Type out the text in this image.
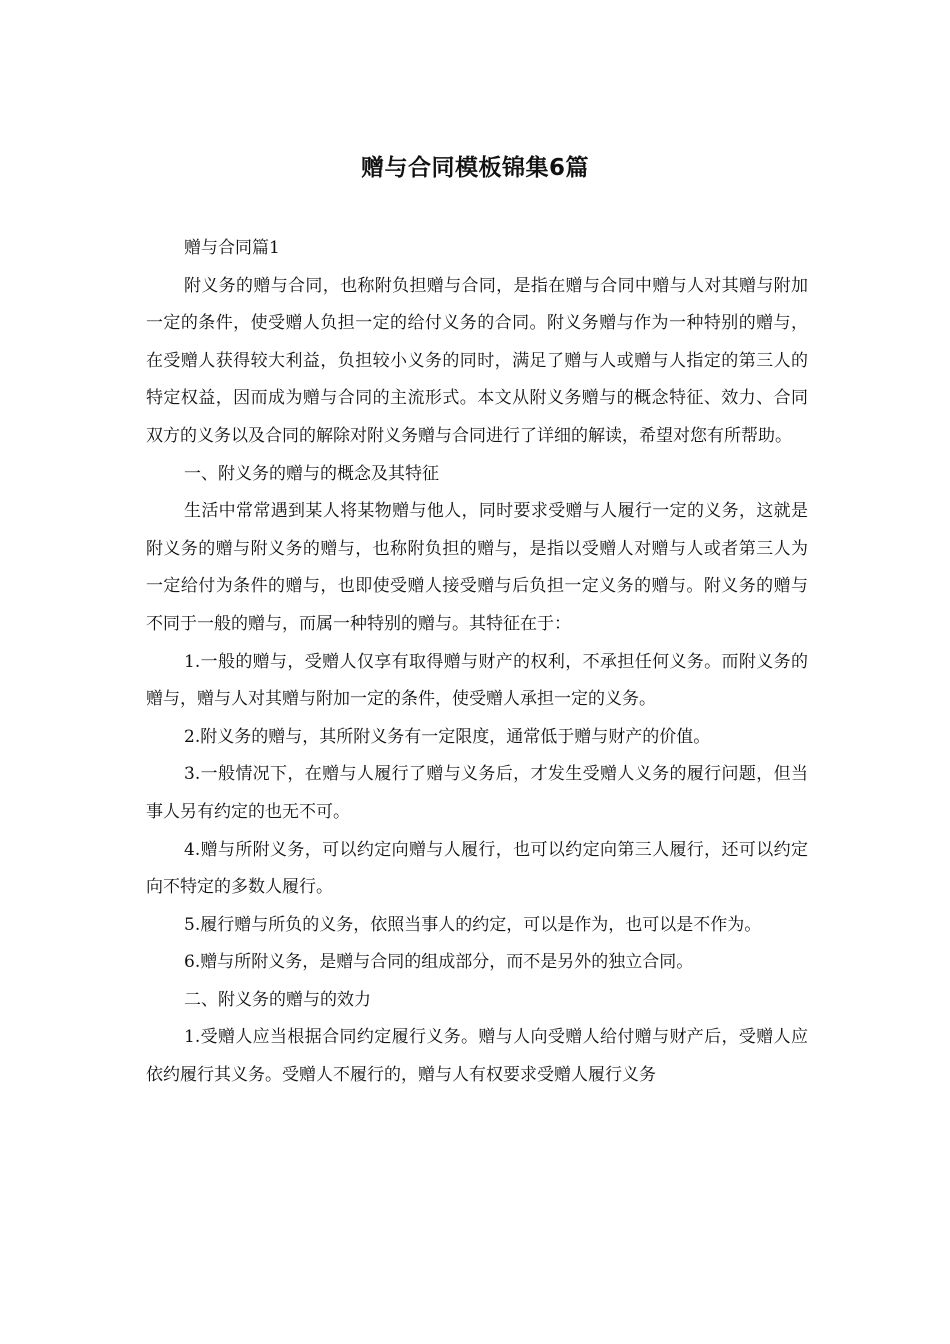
赠与合同模板锦集6篇

赠与合同篇1

附义务的赠与合同，也称附负担赠与合同，是指在赠与合同中赠与人对其赠与附加一定的条件，使受赠人负担一定的给付义务的合同。附义务赠与作为一种特别的赠与，在受赠人获得较大利益，负担较小义务的同时，满足了赠与人或赠与人指定的第三人的特定权益，因而成为赠与合同的主流形式。本文从附义务赠与的概念特征、效力、合同双方的义务以及合同的解除对附义务赠与合同进行了详细的解读，希望对您有所帮助。

一、附义务的赠与的概念及其特征

生活中常常遇到某人将某物赠与他人，同时要求受赠与人履行一定的义务，这就是附义务的赠与附义务的赠与，也称附负担的赠与，是指以受赠人对赠与人或者第三人为一定给付为条件的赠与，也即使受赠人接受赠与后负担一定义务的赠与。附义务的赠与不同于一般的赠与，而属一种特别的赠与。其特征在于：

1.一般的赠与，受赠人仅享有取得赠与财产的权利，不承担任何义务。而附义务的赠与，赠与人对其赠与附加一定的条件，使受赠人承担一定的义务。

2.附义务的赠与，其所附义务有一定限度，通常低于赠与财产的价值。

3.一般情况下，在赠与人履行了赠与义务后，才发生受赠人义务的履行问题，但当事人另有约定的也无不可。

4.赠与所附义务，可以约定向赠与人履行，也可以约定向第三人履行，还可以约定向不特定的多数人履行。

5.履行赠与所负的义务，依照当事人的约定，可以是作为，也可以是不作为。

6.赠与所附义务，是赠与合同的组成部分，而不是另外的独立合同。

二、附义务的赠与的效力

1.受赠人应当根据合同约定履行义务。赠与人向受赠人给付赠与财产后，受赠人应依约履行其义务。受赠人不履行的，赠与人有权要求受赠人履行义务
